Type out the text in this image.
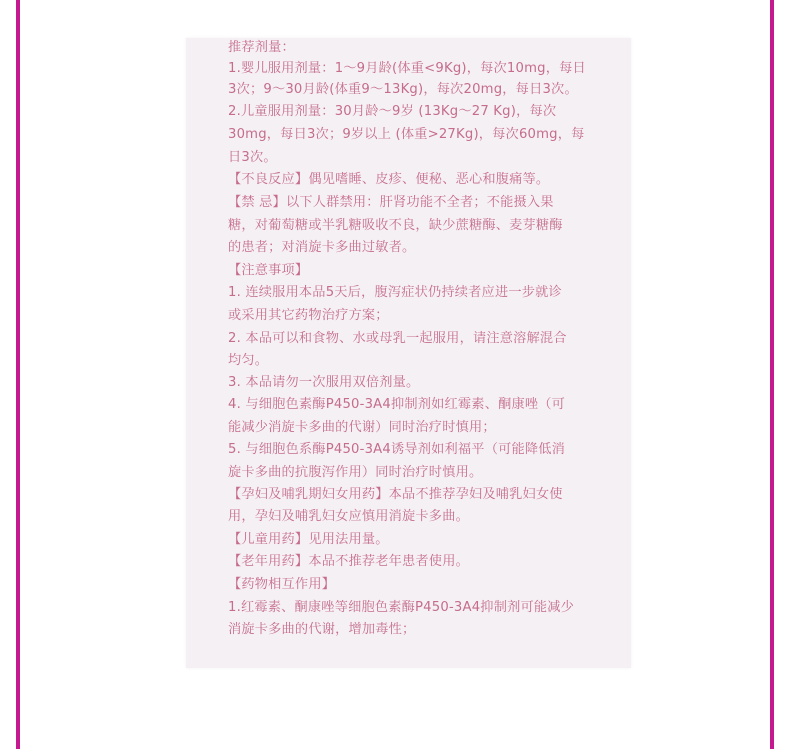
推荐剂量：
1.婴儿服用剂量：1～9月龄(体重<9Kg)，每次10mg，每日
3次；9～30月龄(体重9～13Kg)，每次20mg，每日3次。
2.儿童服用剂量：30月龄～9岁 (13Kg～27 Kg)，每次
30mg，每日3次；9岁以上 (体重>27Kg)，每次60mg，每
日3次。
【不良反应】偶见嗜睡、皮疹、便秘、恶心和腹痛等。
【禁 忌】以下人群禁用：肝肾功能不全者；不能摄入果
糖，对葡萄糖或半乳糖吸收不良，缺少蔗糖酶、麦芽糖酶
的患者；对消旋卡多曲过敏者。
【注意事项】
1. 连续服用本品5天后，腹泻症状仍持续者应进一步就诊
或采用其它药物治疗方案；
2. 本品可以和食物、水或母乳一起服用，请注意溶解混合
均匀。
3. 本品请勿一次服用双倍剂量。
4. 与细胞色素酶P450-3A4抑制剂如红霉素、酮康唑（可
能减少消旋卡多曲的代谢）同时治疗时慎用；
5. 与细胞色系酶P450-3A4诱导剂如利福平（可能降低消
旋卡多曲的抗腹泻作用）同时治疗时慎用。
【孕妇及哺乳期妇女用药】本品不推荐孕妇及哺乳妇女使
用，孕妇及哺乳妇女应慎用消旋卡多曲。
【儿童用药】见用法用量。
【老年用药】本品不推荐老年患者使用。
【药物相互作用】
1.红霉素、酮康唑等细胞色素酶P450-3A4抑制剂可能减少
消旋卡多曲的代谢，增加毒性；
